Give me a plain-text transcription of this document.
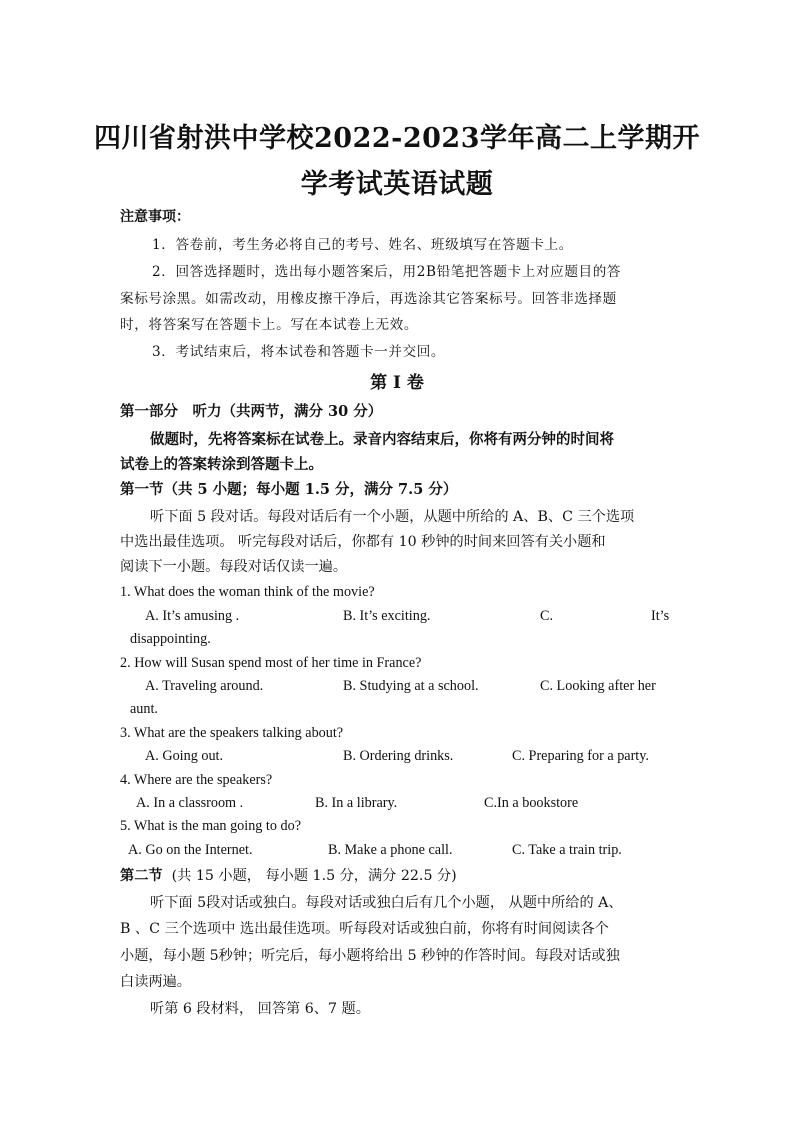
四川省射洪中学校2022-2023学年高二上学期开
学考试英语试题
注意事项：
1．答卷前，考生务必将自己的考号、姓名、班级填写在答题卡上。
2．回答选择题时，选出每小题答案后，用2B铅笔把答题卡上对应题目的答
案标号涂黑。如需改动，用橡皮擦干净后，再选涂其它答案标号。回答非选择题
时，将答案写在答题卡上。写在本试卷上无效。
3．考试结束后，将本试卷和答题卡一并交回。
第 I 卷
第一部分　听力（共两节，满分 30 分）
做题时，先将答案标在试卷上。录音内容结束后，你将有两分钟的时间将
试卷上的答案转涂到答题卡上。
第一节（共 5 小题；每小题 1.5 分，满分 7.5 分）
听下面 5 段对话。每段对话后有一个小题，从题中所给的 A、B、C 三个选项
中选出最佳选项。 听完每段对话后，你都有 10 秒钟的时间来回答有关小题和
阅读下一小题。每段对话仅读一遍。
1. What does the woman think of the movie?
A. It’s amusing .	B. It’s exciting.	C.	It’s
disappointing.
2. How will Susan spend most of her time in France?
A. Traveling around.	B. Studying at a school.	C. Looking after her
aunt.
3. What are the speakers talking about?
A. Going out.	B. Ordering drinks.	C. Preparing for a party.
4. Where are the speakers?
A. In a classroom .	B. In a library.	C.In a bookstore
5. What is the man going to do?
A. Go on the Internet.	B. Make a phone call.	C. Take a train trip.
第二节 (共 15 小题， 每小题 1.5 分，满分 22.5 分)
听下面 5段对话或独白。每段对话或独白后有几个小题， 从题中所给的 A、
B 、C 三个选项中 选出最佳选项。听每段对话或独白前，你将有时间阅读各个
小题，每小题 5秒钟；听完后，每小题将给出 5 秒钟的作答时间。每段对话或独
白读两遍。
听第 6 段材料， 回答第 6、7 题。
